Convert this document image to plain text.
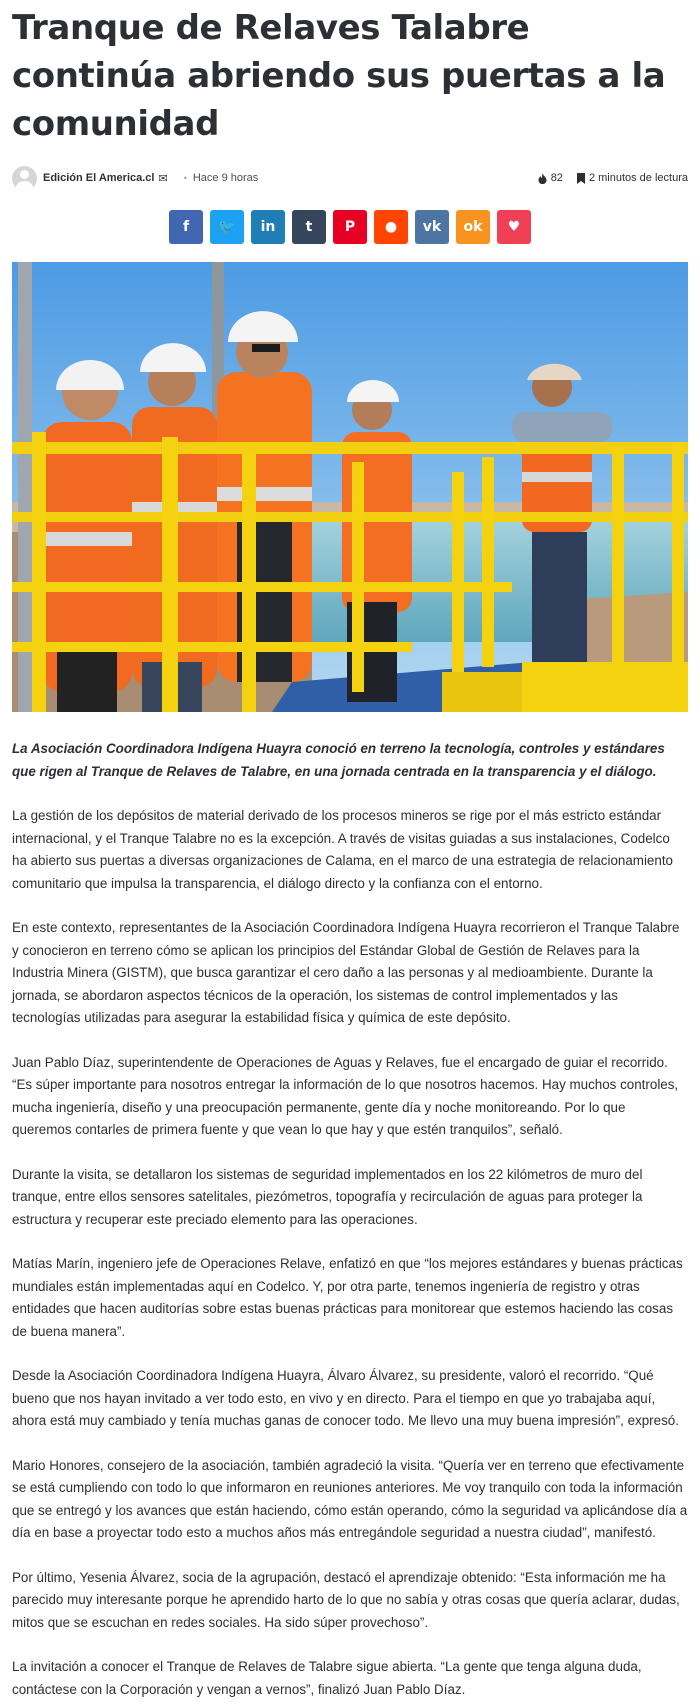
Tranque de Relaves Talabre continúa abriendo sus puertas a la comunidad
Edición El America.cl ✉ • Hace 9 horas	82 2 minutos de lectura
f 🐦 in t P ● vk ok ♥

La Asociación Coordinadora Indígena Huayra conoció en terreno la tecnología, controles y estándares que rigen al Tranque de Relaves de Talabre, en una jornada centrada en la transparencia y el diálogo.

La gestión de los depósitos de material derivado de los procesos mineros se rige por el más estricto estándar internacional, y el Tranque Talabre no es la excepción. A través de visitas guiadas a sus instalaciones, Codelco ha abierto sus puertas a diversas organizaciones de Calama, en el marco de una estrategia de relacionamiento comunitario que impulsa la transparencia, el diálogo directo y la confianza con el entorno.

En este contexto, representantes de la Asociación Coordinadora Indígena Huayra recorrieron el Tranque Talabre y conocieron en terreno cómo se aplican los principios del Estándar Global de Gestión de Relaves para la Industria Minera (GISTM), que busca garantizar el cero daño a las personas y al medioambiente. Durante la jornada, se abordaron aspectos técnicos de la operación, los sistemas de control implementados y las tecnologías utilizadas para asegurar la estabilidad física y química de este depósito.

Juan Pablo Díaz, superintendente de Operaciones de Aguas y Relaves, fue el encargado de guiar el recorrido. “Es súper importante para nosotros entregar la información de lo que nosotros hacemos. Hay muchos controles, mucha ingeniería, diseño y una preocupación permanente, gente día y noche monitoreando. Por lo que queremos contarles de primera fuente y que vean lo que hay y que estén tranquilos”, señaló.

Durante la visita, se detallaron los sistemas de seguridad implementados en los 22 kilómetros de muro del tranque, entre ellos sensores satelitales, piezómetros, topografía y recirculación de aguas para proteger la estructura y recuperar este preciado elemento para las operaciones.

Matías Marín, ingeniero jefe de Operaciones Relave, enfatizó en que “los mejores estándares y buenas prácticas mundiales están implementadas aquí en Codelco. Y, por otra parte, tenemos ingeniería de registro y otras entidades que hacen auditorías sobre estas buenas prácticas para monitorear que estemos haciendo las cosas de buena manera”.

Desde la Asociación Coordinadora Indígena Huayra, Álvaro Álvarez, su presidente, valoró el recorrido. “Qué bueno que nos hayan invitado a ver todo esto, en vivo y en directo. Para el tiempo en que yo trabajaba aquí, ahora está muy cambiado y tenía muchas ganas de conocer todo. Me llevo una muy buena impresión”, expresó.

Mario Honores, consejero de la asociación, también agradeció la visita. “Quería ver en terreno que efectivamente se está cumpliendo con todo lo que informaron en reuniones anteriores. Me voy tranquilo con toda la información que se entregó y los avances que están haciendo, cómo están operando, cómo la seguridad va aplicándose día a día en base a proyectar todo esto a muchos años más entregándole seguridad a nuestra ciudad”, manifestó.

Por último, Yesenia Álvarez, socia de la agrupación, destacó el aprendizaje obtenido: “Esta información me ha parecido muy interesante porque he aprendido harto de lo que no sabía y otras cosas que quería aclarar, dudas, mitos que se escuchan en redes sociales. Ha sido súper provechoso”.

La invitación a conocer el Tranque de Relaves de Talabre sigue abierta. “La gente que tenga alguna duda, contáctese con la Corporación y vengan a vernos”, finalizó Juan Pablo Díaz.
